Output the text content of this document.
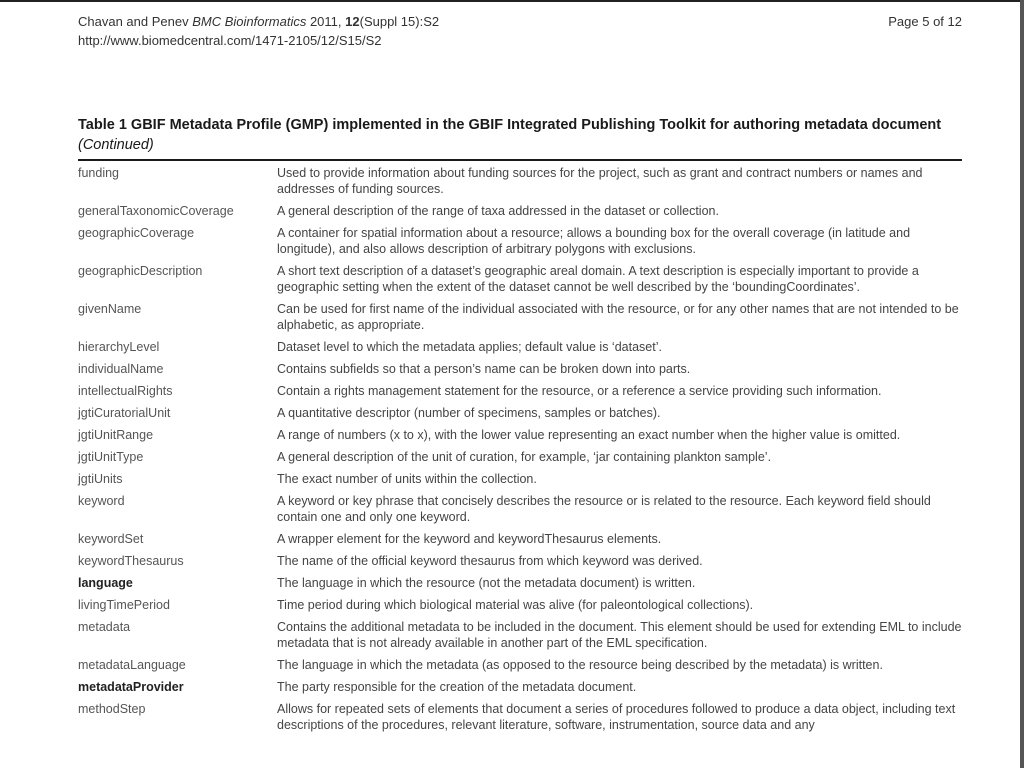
Chavan and Penev BMC Bioinformatics 2011, 12(Suppl 15):S2
http://www.biomedcentral.com/1471-2105/12/S15/S2
Page 5 of 12
Table 1 GBIF Metadata Profile (GMP) implemented in the GBIF Integrated Publishing Toolkit for authoring metadata document (Continued)
funding	Used to provide information about funding sources for the project, such as grant and contract numbers or names and addresses of funding sources.
generalTaxonomicCoverage	A general description of the range of taxa addressed in the dataset or collection.
geographicCoverage	A container for spatial information about a resource; allows a bounding box for the overall coverage (in latitude and longitude), and also allows description of arbitrary polygons with exclusions.
geographicDescription	A short text description of a dataset’s geographic areal domain. A text description is especially important to provide a geographic setting when the extent of the dataset cannot be well described by the ‘boundingCoordinates’.
givenName	Can be used for first name of the individual associated with the resource, or for any other names that are not intended to be alphabetic, as appropriate.
hierarchyLevel	Dataset level to which the metadata applies; default value is ‘dataset’.
individualName	Contains subfields so that a person’s name can be broken down into parts.
intellectualRights	Contain a rights management statement for the resource, or a reference a service providing such information.
jgtiCuratorialUnit	A quantitative descriptor (number of specimens, samples or batches).
jgtiUnitRange	A range of numbers (x to x), with the lower value representing an exact number when the higher value is omitted.
jgtiUnitType	A general description of the unit of curation, for example, ‘jar containing plankton sample’.
jgtiUnits	The exact number of units within the collection.
keyword	A keyword or key phrase that concisely describes the resource or is related to the resource. Each keyword field should contain one and only one keyword.
keywordSet	A wrapper element for the keyword and keywordThesaurus elements.
keywordThesaurus	The name of the official keyword thesaurus from which keyword was derived.
language	The language in which the resource (not the metadata document) is written.
livingTimePeriod	Time period during which biological material was alive (for paleontological collections).
metadata	Contains the additional metadata to be included in the document. This element should be used for extending EML to include metadata that is not already available in another part of the EML specification.
metadataLanguage	The language in which the metadata (as opposed to the resource being described by the metadata) is written.
metadataProvider	The party responsible for the creation of the metadata document.
methodStep	Allows for repeated sets of elements that document a series of procedures followed to produce a data object, including text descriptions of the procedures, relevant literature, software, instrumentation, source data and any
